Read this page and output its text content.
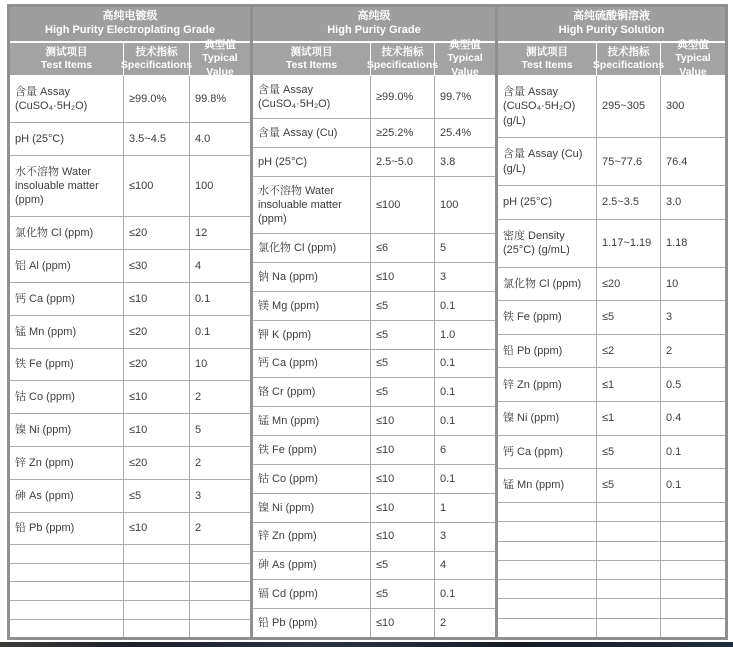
高纯电镀级
High Purity Electroplating Grade
测试项目
Test Items
技术指标
Specifications
典型值
Typical Value
含量 Assay (CuSO₄·5H₂O)
≥99.0%	99.8%
pH (25°C)	3.5~4.5	4.0
水不溶物 Water insoluable matter (ppm)
≤100	100
氯化物 Cl (ppm)	≤20	12
铝 Al (ppm)	≤30	4
钙 Ca (ppm)	≤10	0.1
锰 Mn (ppm)	≤20	0.1
铁 Fe (ppm)	≤20	10
钴 Co (ppm)	≤10	2
镍 Ni (ppm)	≤10	5
锌 Zn (ppm)	≤20	2
砷 As (ppm)	≤5	3
铅 Pb (ppm)	≤10	2
高纯级
High Purity Grade
测试项目
Test Items
技术指标
Specifications
典型值
Typical Value
含量 Assay (CuSO₄·5H₂O)
≥99.0%	99.7%
含量 Assay (Cu)	≥25.2%	25.4%
pH (25°C)	2.5~5.0	3.8
水不溶物 Water insoluable matter (ppm)
≤100	100
氯化物 Cl (ppm)	≤6	5
钠 Na (ppm)	≤10	3
镁 Mg (ppm)	≤5	0.1
钾 K (ppm)	≤5	1.0
钙 Ca (ppm)	≤5	0.1
铬 Cr (ppm)	≤5	0.1
锰 Mn (ppm)	≤10	0.1
铁 Fe (ppm)	≤10	6
钴 Co (ppm)	≤10	0.1
镍 Ni (ppm)	≤10	1
锌 Zn (ppm)	≤10	3
砷 As (ppm)	≤5	4
镉 Cd (ppm)	≤5	0.1
铅 Pb (ppm)	≤10	2
高纯硫酸铜溶液
High Purity Solution
测试项目
Test Items
技术指标
Specifications
典型值
Typical Value
含量 Assay (CuSO₄·5H₂O) (g/L)
295~305	300
含量 Assay (Cu) (g/L)
75~77.6	76.4
pH (25°C)	2.5~3.5	3.0
密度 Density (25°C) (g/mL)
1.17~1.19	1.18
氯化物 Cl (ppm)	≤20	10
铁 Fe (ppm)	≤5	3
铅 Pb (ppm)	≤2	2
锌 Zn (ppm)	≤1	0.5
镍 Ni (ppm)	≤1	0.4
钙 Ca (ppm)	≤5	0.1
锰 Mn (ppm)	≤5	0.1
